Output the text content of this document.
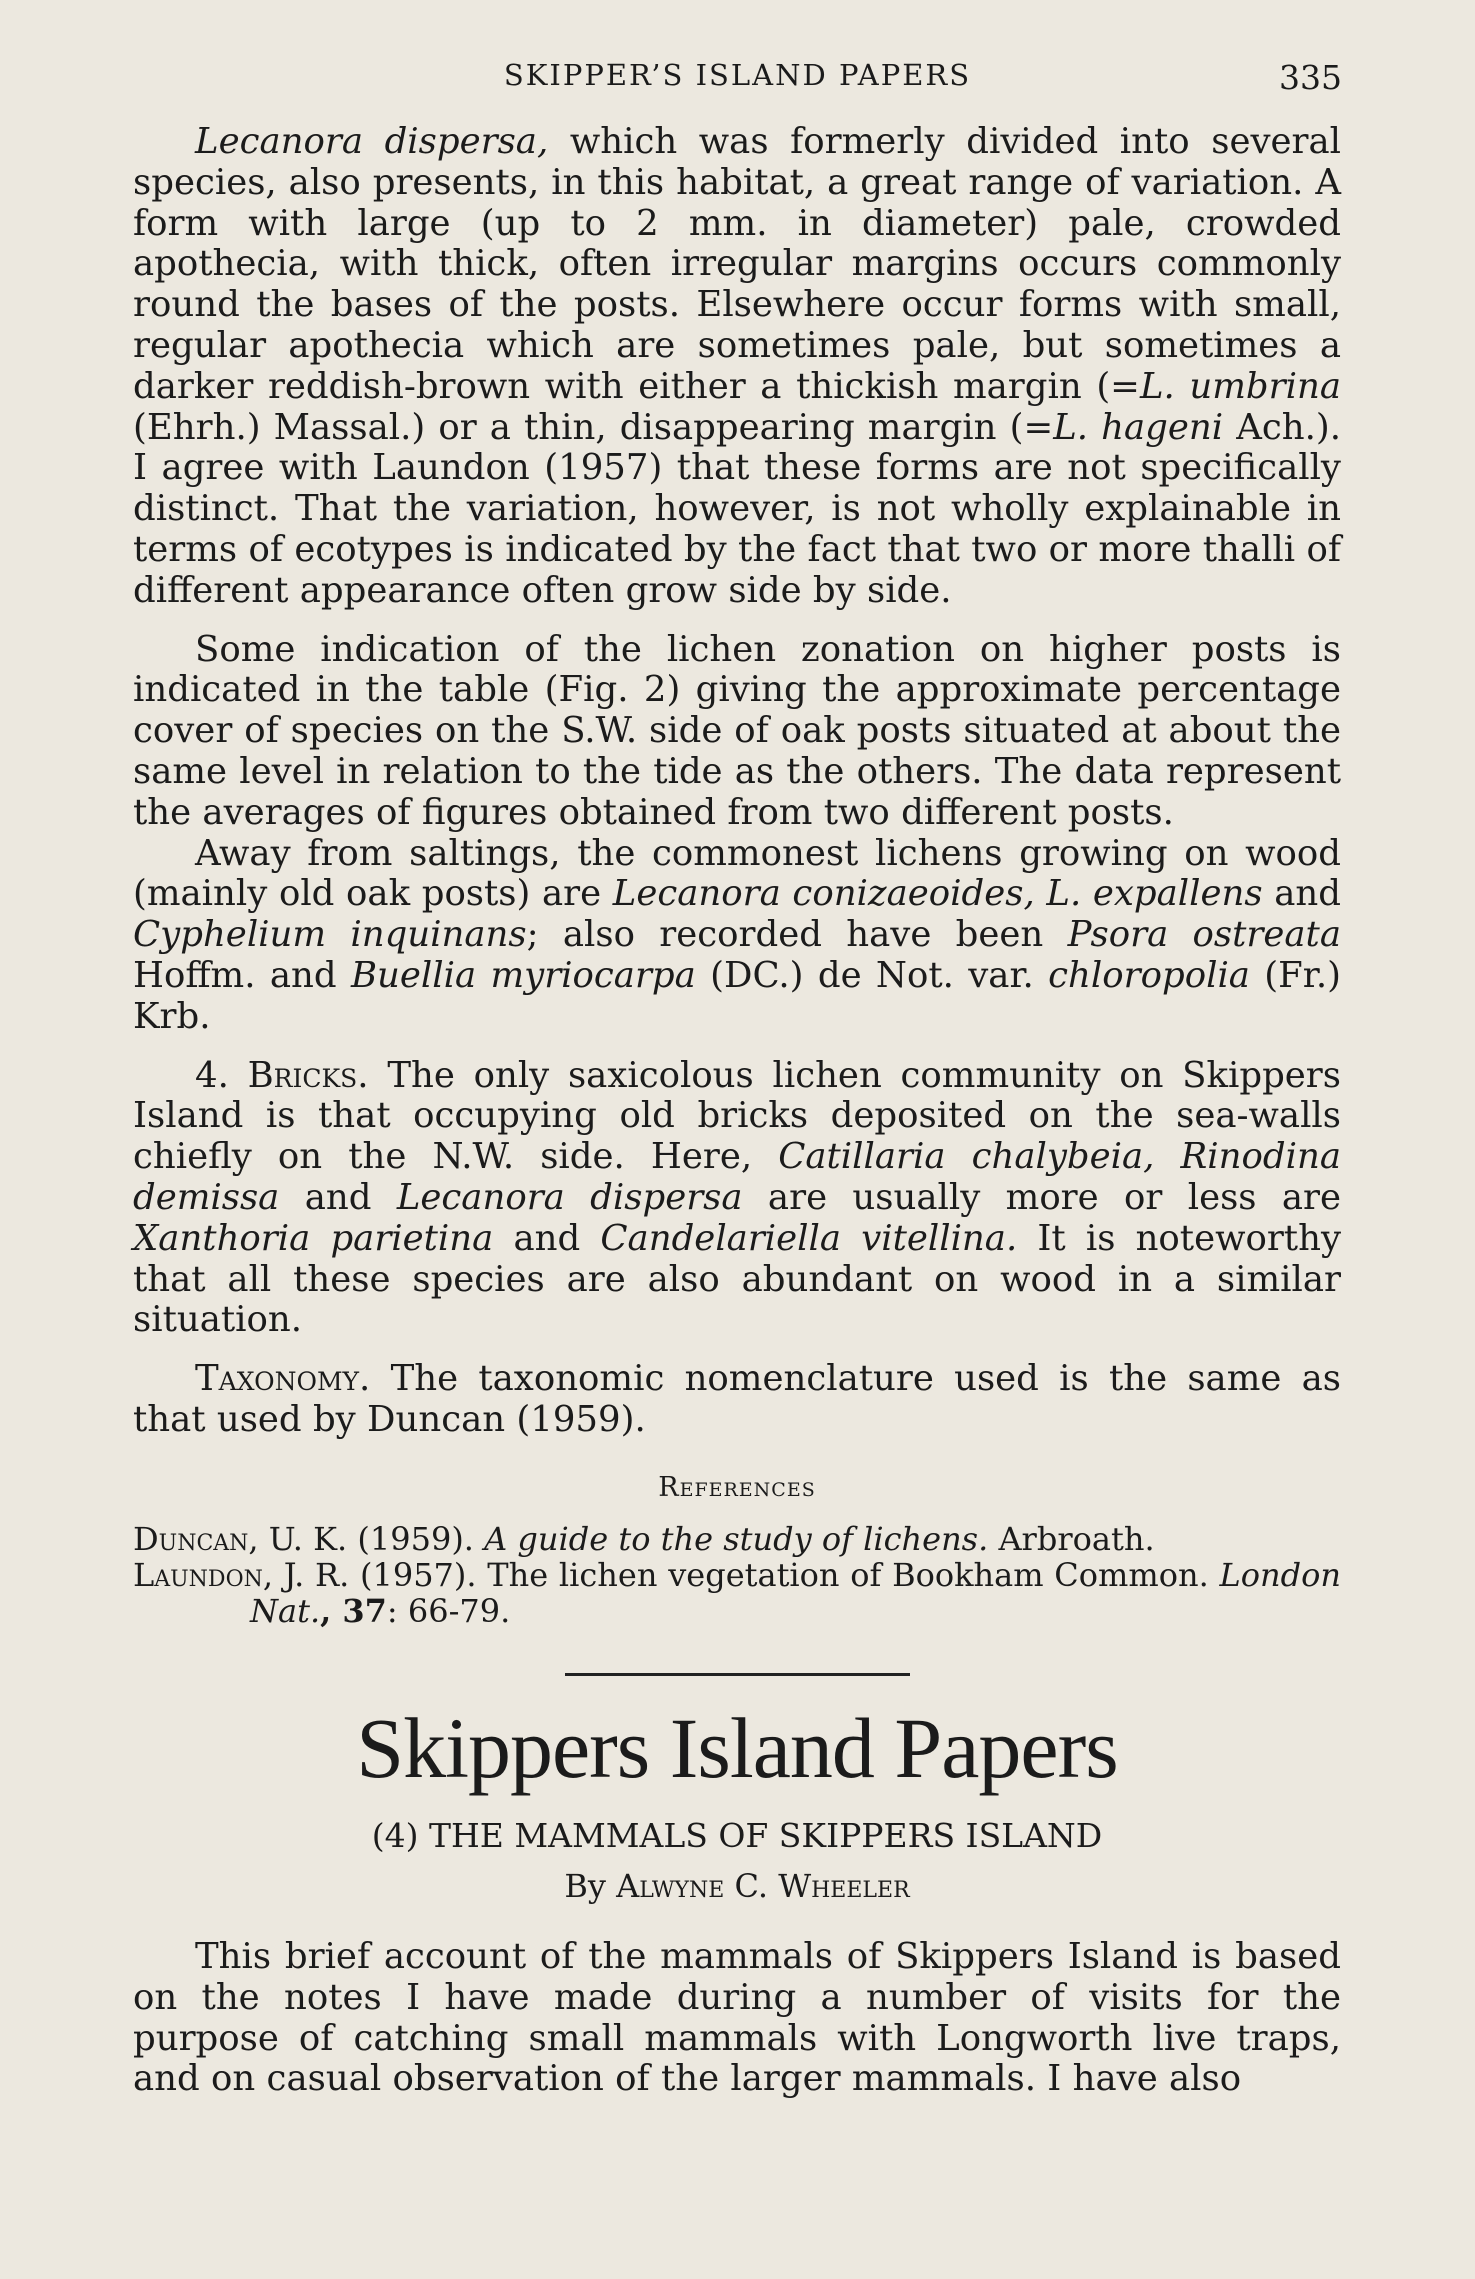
SKIPPER’S ISLAND PAPERS	335

Lecanora dispersa, which was formerly divided into several species, also presents, in this habitat, a great range of variation. A form with large (up to 2 mm. in diameter) pale, crowded apothecia, with thick, often irregular margins occurs commonly round the bases of the posts. Elsewhere occur forms with small, regular apothecia which are sometimes pale, but sometimes a darker reddish-brown with either a thickish margin (=L. umbrina (Ehrh.) Massal.) or a thin, disappearing margin (=L. hageni Ach.). I agree with Laundon (1957) that these forms are not specifically distinct. That the variation, however, is not wholly explainable in terms of ecotypes is indicated by the fact that two or more thalli of different appearance often grow side by side.

Some indication of the lichen zonation on higher posts is indicated in the table (Fig. 2) giving the approximate percentage cover of species on the S.W. side of oak posts situated at about the same level in relation to the tide as the others. The data represent the averages of figures obtained from two different posts.

Away from saltings, the commonest lichens growing on wood (mainly old oak posts) are Lecanora conizaeoides, L. expallens and Cyphelium inquinans; also recorded have been Psora ostreata Hoffm. and Buellia myriocarpa (DC.) de Not. var. chloropolia (Fr.) Krb.

4. Bricks. The only saxicolous lichen community on Skippers Island is that occupying old bricks deposited on the sea-walls chiefly on the N.W. side. Here, Catillaria chalybeia, Rinodina demissa and Lecanora dispersa are usually more or less are Xanthoria parietina and Candelariella vitellina. It is noteworthy that all these species are also abundant on wood in a similar situation.

Taxonomy. The taxonomic nomenclature used is the same as that used by Duncan (1959).

References

Duncan, U. K. (1959). A guide to the study of lichens. Arbroath.

Laundon, J. R. (1957). The lichen vegetation of Bookham Common. London Nat., 37: 66-79.

Skippers Island Papers
(4) THE MAMMALS OF SKIPPERS ISLAND
By Alwyne C. Wheeler

This brief account of the mammals of Skippers Island is based on the notes I have made during a number of visits for the purpose of catching small mammals with Longworth live traps, and on casual observation of the larger mammals. I have also
